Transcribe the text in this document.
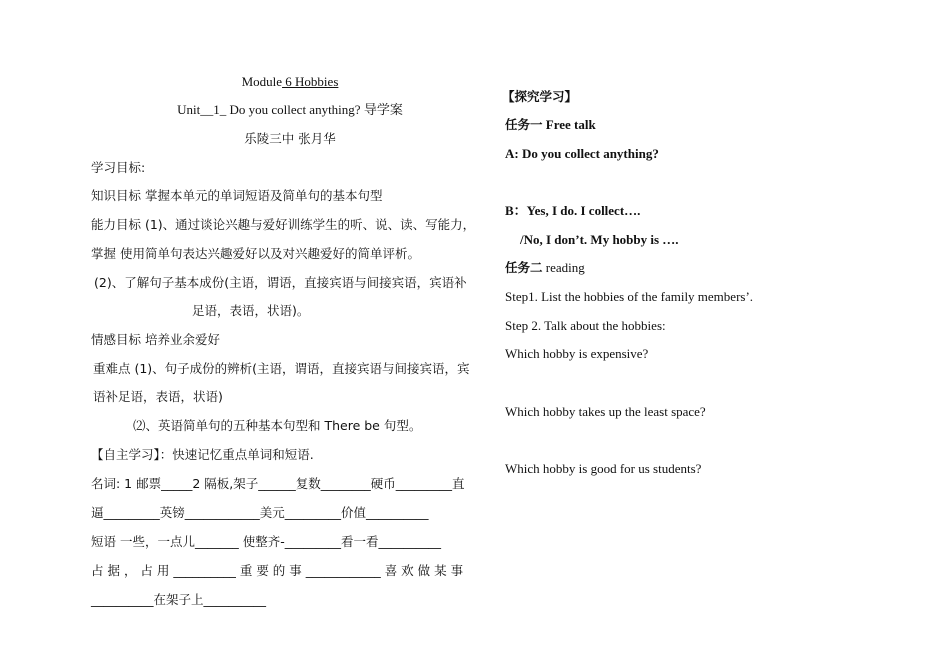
Module 6 Hobbies
Unit__1_ Do you collect anything? 导学案
乐陵三中 张月华
学习目标:
知识目标 掌握本单元的单词短语及简单句的基本句型
能力目标 (1)、通过谈论兴趣与爱好训练学生的听、说、读、写能力，
掌握 使用简单句表达兴趣爱好以及对兴趣爱好的简单评析。
(2)、了解句子基本成份(主语，谓语，直接宾语与间接宾语，宾语补
足语，表语，状语)。
情感目标 培养业余爱好
重难点 (1)、句子成份的辨析(主语，谓语，直接宾语与间接宾语，宾
语补足语，表语，状语)
⑵、英语简单句的五种基本句型和 There be 句型。
【自主学习】：快速记忆重点单词和短语.
名词: 1 邮票_____2 隔板,架子______复数________硬币_________直
逼_________英镑____________美元_________价值__________
短语 一些，一点儿_______ 使整齐-_________看一看__________
占 据 ， 占 用 __________ 重 要 的 事 ____________ 喜 欢 做 某 事
__________在架子上__________
【探究学习】
任务一 Free talk
A: Do you collect anything?
B：Yes, I do. I collect….
/No, I don’t. My hobby is ….
任务二 reading
Step1. List the hobbies of the family members’.
Step 2. Talk about the hobbies:
Which hobby is expensive?
Which hobby takes up the least space?
Which hobby is good for us students?
